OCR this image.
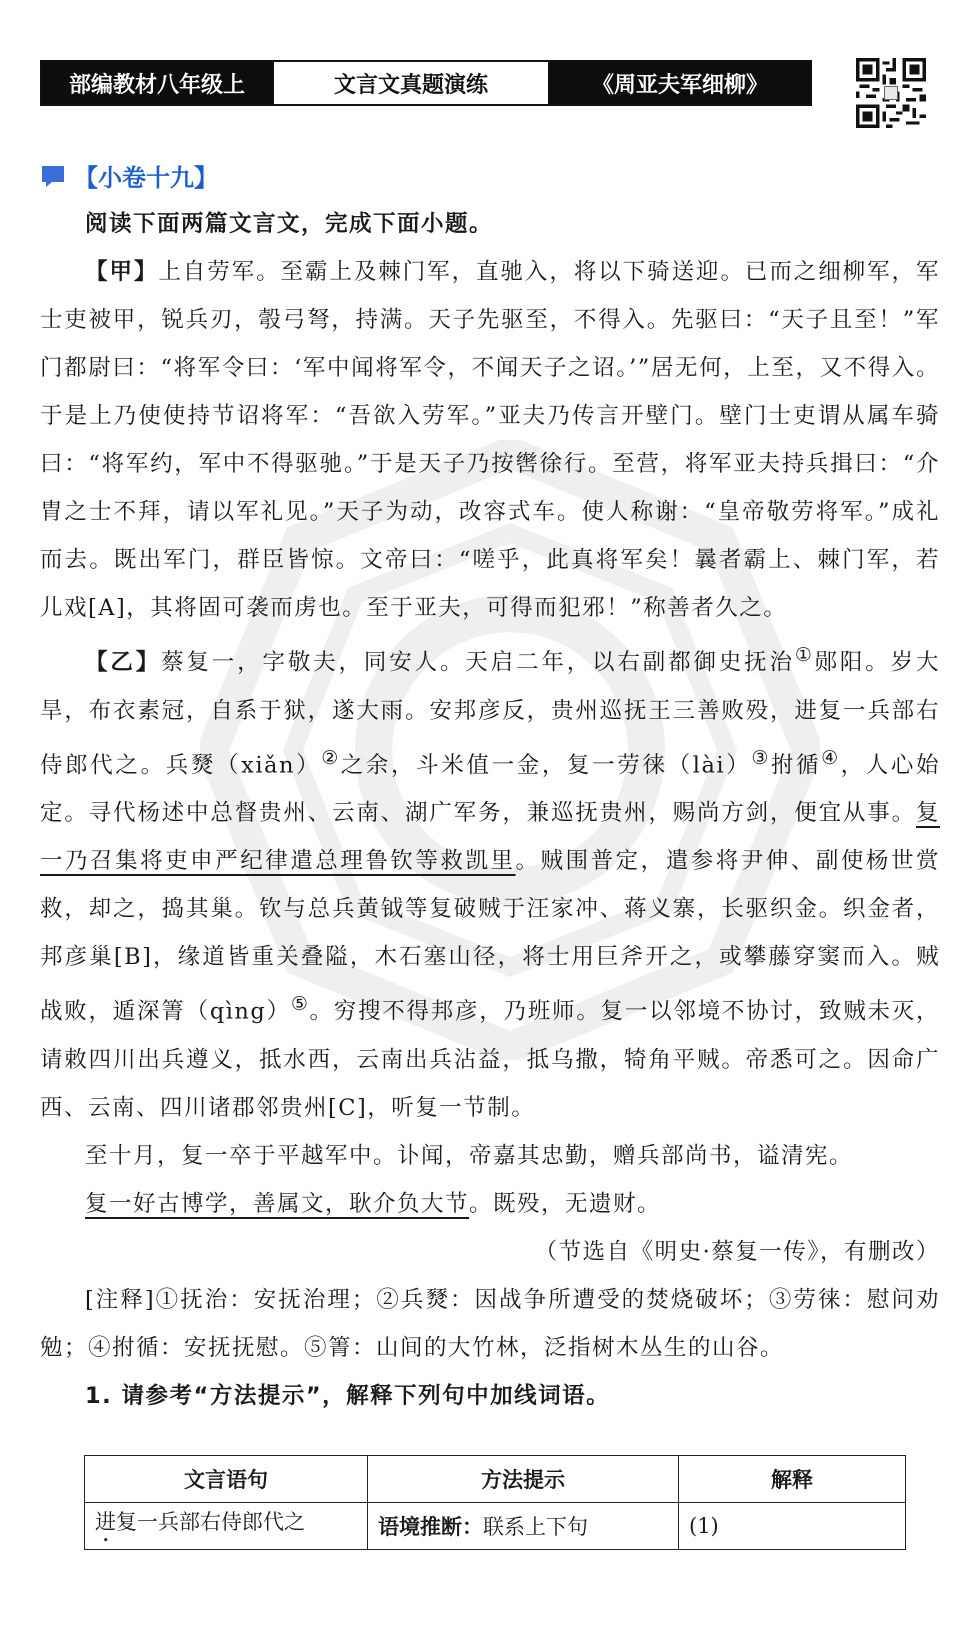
部编教材八年级上	文言文真题演练	《周亚夫军细柳》
【小卷十九】

阅读下面两篇文言文，完成下面小题。

【甲】上自劳军。至霸上及棘门军，直驰入，将以下骑送迎。已而之细柳军，军士吏被甲，锐兵刃，彀弓弩，持满。天子先驱至，不得入。先驱曰：“天子且至！”军门都尉曰：“将军令曰：‘军中闻将军令，不闻天子之诏。’”居无何，上至，又不得入。于是上乃使使持节诏将军：“吾欲入劳军。”亚夫乃传言开壁门。壁门士吏谓从属车骑曰：“将军约，军中不得驱驰。”于是天子乃按辔徐行。至营，将军亚夫持兵揖曰：“介胄之士不拜，请以军礼见。”天子为动，改容式车。使人称谢：“皇帝敬劳将军。”成礼而去。既出军门，群臣皆惊。文帝曰：“嗟乎，此真将军矣！曩者霸上、棘门军，若儿戏[A]，其将固可袭而虏也。至于亚夫，可得而犯邪！”称善者久之。

【乙】蔡复一，字敬夫，同安人。天启二年，以右副都御史抚治①郧阳。岁大旱，布衣素冠，自系于狱，遂大雨。安邦彦反，贵州巡抚王三善败殁，进复一兵部右侍郎代之。兵燹（xiǎn）②之余，斗米值一金，复一劳徕（lài）③拊循④，人心始定。寻代杨述中总督贵州、云南、湖广军务，兼巡抚贵州，赐尚方剑，便宜从事。复一乃召集将吏申严纪律遣总理鲁钦等救凯里。贼围普定，遣参将尹伸、副使杨世赏救，却之，捣其巢。钦与总兵黄钺等复破贼于汪家冲、蒋义寨，长驱织金。织金者，邦彦巢[B]，缘道皆重关叠隘，木石塞山径，将士用巨斧开之，或攀藤穿窦而入。贼战败，遁深箐（qìng）⑤。穷搜不得邦彦，乃班师。复一以邻境不协讨，致贼未灭，请敕四川出兵遵义，抵水西，云南出兵沾益，抵乌撒，犄角平贼。帝悉可之。因命广西、云南、四川诸郡邻贵州[C]，听复一节制。

至十月，复一卒于平越军中。讣闻，帝嘉其忠勤，赠兵部尚书，谥清宪。

复一好古博学，善属文，耿介负大节。既殁，无遗财。

（节选自《明史·蔡复一传》，有删改）

[注释]①抚治：安抚治理；②兵燹：因战争所遭受的焚烧破坏；③劳徕：慰问劝勉；④拊循：安抚抚慰。⑤箐：山间的大竹林，泛指树木丛生的山谷。

1. 请参考“方法提示”，解释下列句中加线词语。

文言语句	方法提示	解释
进复一兵部右侍郎代之	语境推断：联系上下句	(1)
